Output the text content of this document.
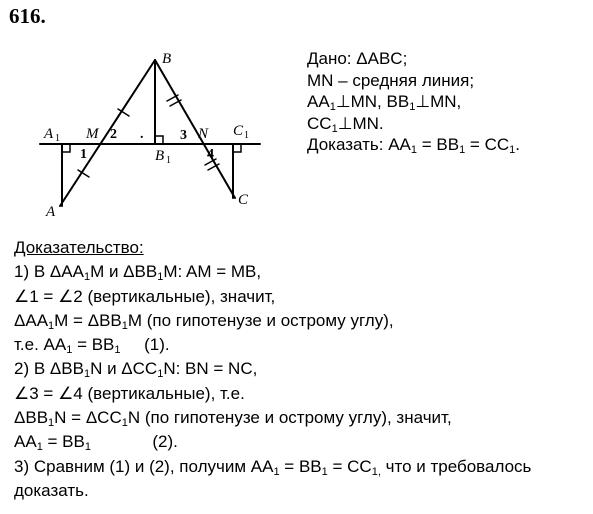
616.
B
A
C
A 1 M
B 1
N C 1
1
2	3
4
.
Дано: ΔABC;
MN – средняя линия;
$AA_1\perp MN$, $BB_1\perp MN$,
$CC_1\perp MN$.
Доказать: $AA_1 = BB_1 = CC_1$.
Доказательство:
1) В $\Delta AA_1M$ и $\Delta BB_1M$: AM = MB,
∠1 = ∠2 (вертикальные), значит,
$\Delta AA_1M = \Delta BB_1M$ (по гипотенузе и острому углу),
т.е. $AA_1 = BB_1$     (1).
2) В $\Delta BB_1N$ и $\Delta CC_1N$: BN = NC,
∠3 = ∠4 (вертикальные), т.е.
$\Delta BB_1N = \Delta CC_1N$ (по гипотенузе и острому углу), значит,
$AA_1 = BB_1$             (2).
3) Сравним (1) и (2), получим $AA_1 = BB_1 = CC_{1,}$ что и требовалось
доказать.
